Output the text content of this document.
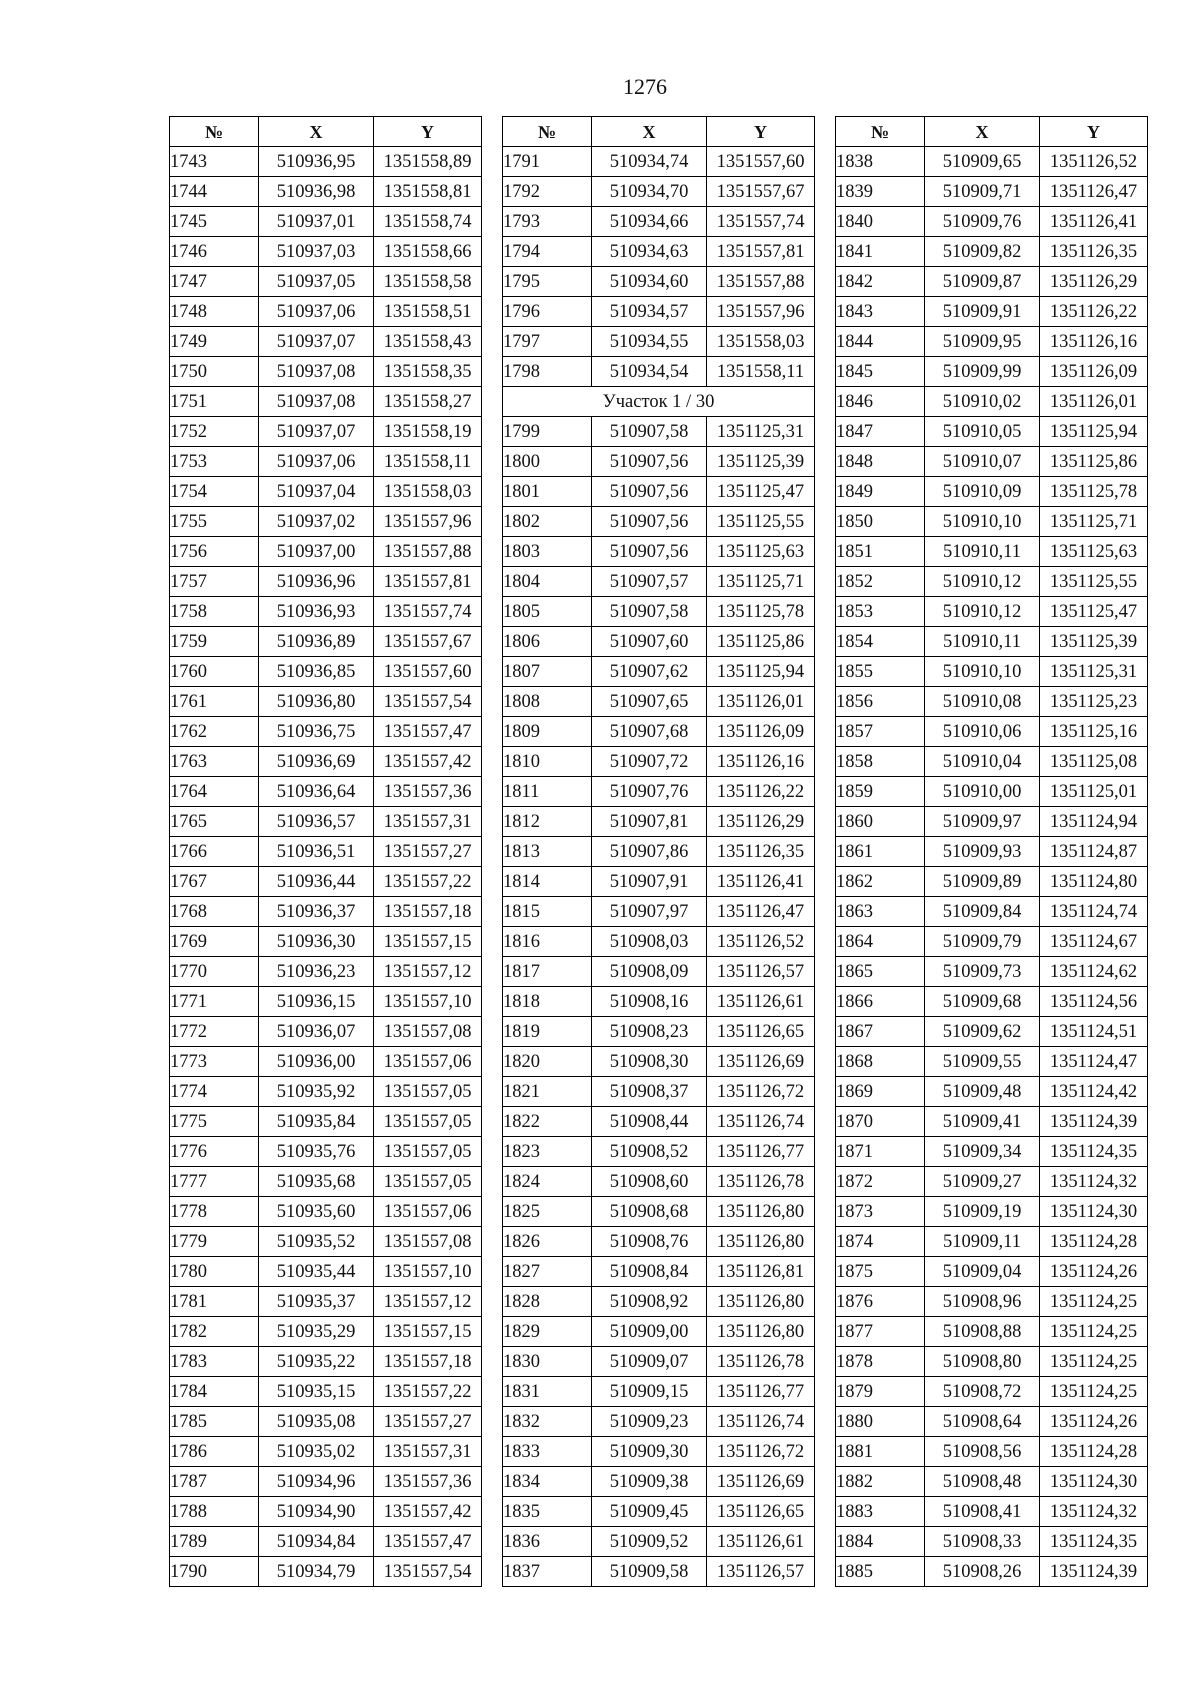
1276
№	X	Y
1743	510936,95	1351558,89
1744	510936,98	1351558,81
1745	510937,01	1351558,74
1746	510937,03	1351558,66
1747	510937,05	1351558,58
1748	510937,06	1351558,51
1749	510937,07	1351558,43
1750	510937,08	1351558,35
1751	510937,08	1351558,27
1752	510937,07	1351558,19
1753	510937,06	1351558,11
1754	510937,04	1351558,03
1755	510937,02	1351557,96
1756	510937,00	1351557,88
1757	510936,96	1351557,81
1758	510936,93	1351557,74
1759	510936,89	1351557,67
1760	510936,85	1351557,60
1761	510936,80	1351557,54
1762	510936,75	1351557,47
1763	510936,69	1351557,42
1764	510936,64	1351557,36
1765	510936,57	1351557,31
1766	510936,51	1351557,27
1767	510936,44	1351557,22
1768	510936,37	1351557,18
1769	510936,30	1351557,15
1770	510936,23	1351557,12
1771	510936,15	1351557,10
1772	510936,07	1351557,08
1773	510936,00	1351557,06
1774	510935,92	1351557,05
1775	510935,84	1351557,05
1776	510935,76	1351557,05
1777	510935,68	1351557,05
1778	510935,60	1351557,06
1779	510935,52	1351557,08
1780	510935,44	1351557,10
1781	510935,37	1351557,12
1782	510935,29	1351557,15
1783	510935,22	1351557,18
1784	510935,15	1351557,22
1785	510935,08	1351557,27
1786	510935,02	1351557,31
1787	510934,96	1351557,36
1788	510934,90	1351557,42
1789	510934,84	1351557,47
1790	510934,79	1351557,54
№	X	Y
1791	510934,74	1351557,60
1792	510934,70	1351557,67
1793	510934,66	1351557,74
1794	510934,63	1351557,81
1795	510934,60	1351557,88
1796	510934,57	1351557,96
1797	510934,55	1351558,03
1798	510934,54	1351558,11
Участок 1 / 30		
1799	510907,58	1351125,31
1800	510907,56	1351125,39
1801	510907,56	1351125,47
1802	510907,56	1351125,55
1803	510907,56	1351125,63
1804	510907,57	1351125,71
1805	510907,58	1351125,78
1806	510907,60	1351125,86
1807	510907,62	1351125,94
1808	510907,65	1351126,01
1809	510907,68	1351126,09
1810	510907,72	1351126,16
1811	510907,76	1351126,22
1812	510907,81	1351126,29
1813	510907,86	1351126,35
1814	510907,91	1351126,41
1815	510907,97	1351126,47
1816	510908,03	1351126,52
1817	510908,09	1351126,57
1818	510908,16	1351126,61
1819	510908,23	1351126,65
1820	510908,30	1351126,69
1821	510908,37	1351126,72
1822	510908,44	1351126,74
1823	510908,52	1351126,77
1824	510908,60	1351126,78
1825	510908,68	1351126,80
1826	510908,76	1351126,80
1827	510908,84	1351126,81
1828	510908,92	1351126,80
1829	510909,00	1351126,80
1830	510909,07	1351126,78
1831	510909,15	1351126,77
1832	510909,23	1351126,74
1833	510909,30	1351126,72
1834	510909,38	1351126,69
1835	510909,45	1351126,65
1836	510909,52	1351126,61
1837	510909,58	1351126,57
№	X	Y
1838	510909,65	1351126,52
1839	510909,71	1351126,47
1840	510909,76	1351126,41
1841	510909,82	1351126,35
1842	510909,87	1351126,29
1843	510909,91	1351126,22
1844	510909,95	1351126,16
1845	510909,99	1351126,09
1846	510910,02	1351126,01
1847	510910,05	1351125,94
1848	510910,07	1351125,86
1849	510910,09	1351125,78
1850	510910,10	1351125,71
1851	510910,11	1351125,63
1852	510910,12	1351125,55
1853	510910,12	1351125,47
1854	510910,11	1351125,39
1855	510910,10	1351125,31
1856	510910,08	1351125,23
1857	510910,06	1351125,16
1858	510910,04	1351125,08
1859	510910,00	1351125,01
1860	510909,97	1351124,94
1861	510909,93	1351124,87
1862	510909,89	1351124,80
1863	510909,84	1351124,74
1864	510909,79	1351124,67
1865	510909,73	1351124,62
1866	510909,68	1351124,56
1867	510909,62	1351124,51
1868	510909,55	1351124,47
1869	510909,48	1351124,42
1870	510909,41	1351124,39
1871	510909,34	1351124,35
1872	510909,27	1351124,32
1873	510909,19	1351124,30
1874	510909,11	1351124,28
1875	510909,04	1351124,26
1876	510908,96	1351124,25
1877	510908,88	1351124,25
1878	510908,80	1351124,25
1879	510908,72	1351124,25
1880	510908,64	1351124,26
1881	510908,56	1351124,28
1882	510908,48	1351124,30
1883	510908,41	1351124,32
1884	510908,33	1351124,35
1885	510908,26	1351124,39
